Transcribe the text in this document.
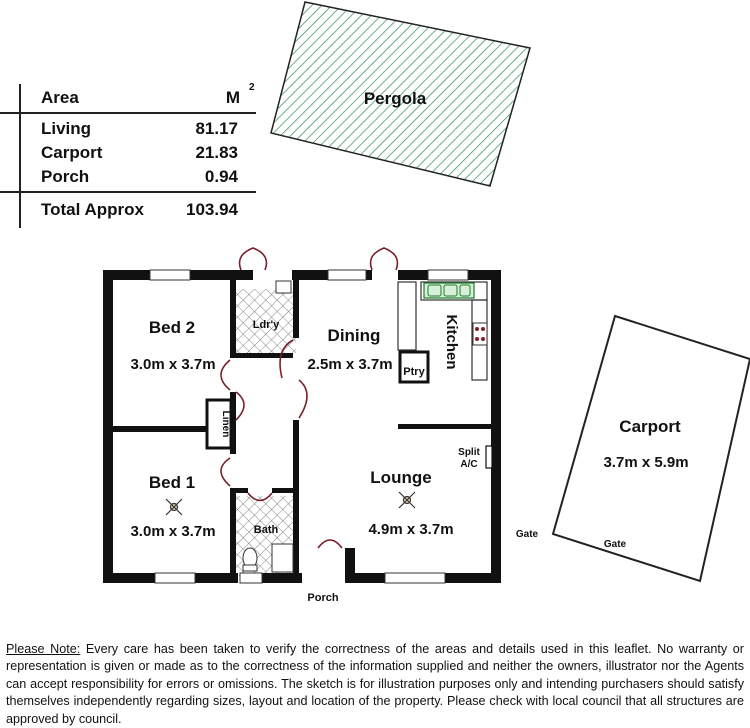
Pergola
Linen
Kitchen
Ptry
Split
A/C
Bed 2
3.0m x 3.7m
Ldr'y
Dining
2.5m x 3.7m
Bed 1
3.0m x 3.7m
Lounge
4.9m x 3.7m
Bath
Porch
Carport
3.7m x 5.9m
Gate
Gate
Area	M
2
Living	81.17
Carport	21.83
Porch	0.94
Total Approx 103.94
Please Note: Every care has been taken to verify the correctness of the areas and details used in this leaflet. No warranty or representation is given or made as to the correctness of the information supplied and neither the owners, illustrator nor the Agents can accept responsibility for errors or omissions. The sketch is for illustration purposes only and intending purchasers should satisfy themselves independently regarding sizes, layout and location of the property. Please check with local council that all structures are approved by council.
